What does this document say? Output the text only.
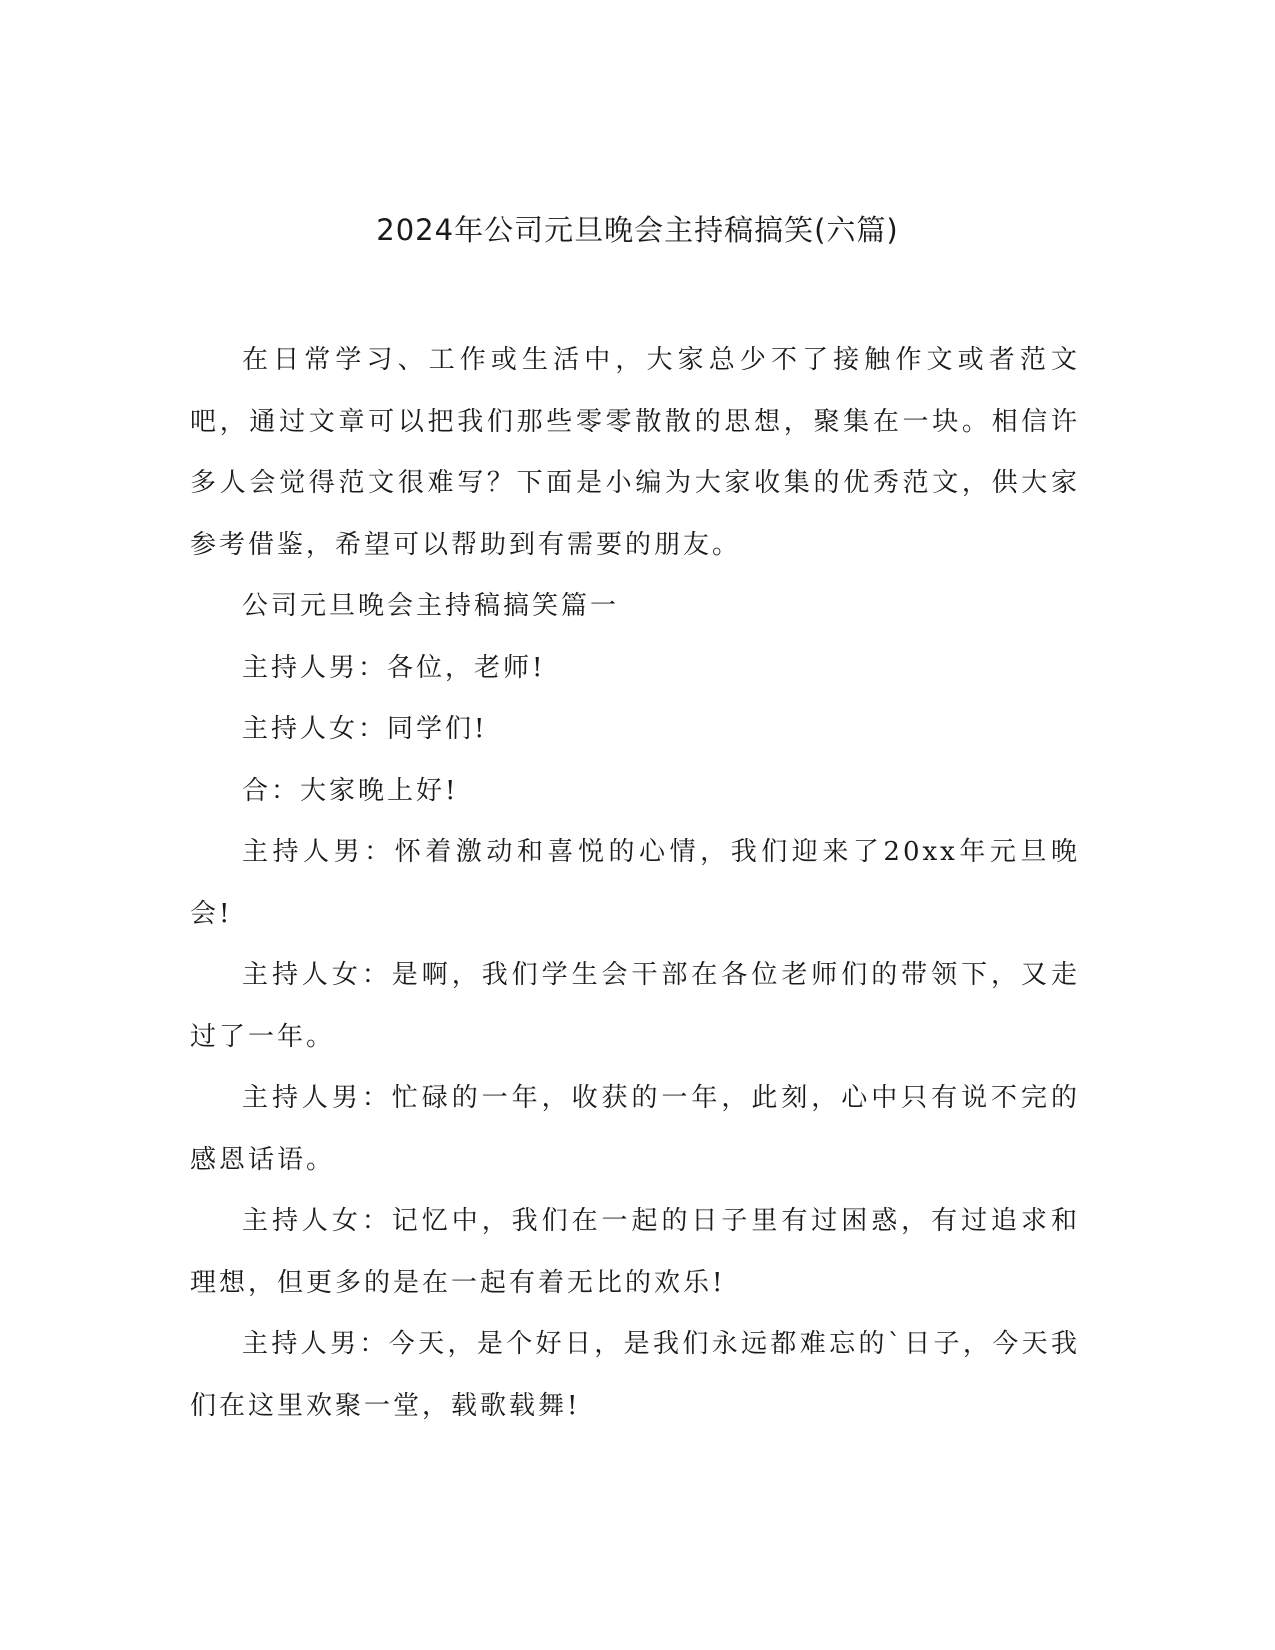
2024年公司元旦晚会主持稿搞笑(六篇)

在日常学习、工作或生活中，大家总少不了接触作文或者范文吧，通过文章可以把我们那些零零散散的思想，聚集在一块。相信许多人会觉得范文很难写？下面是小编为大家收集的优秀范文，供大家参考借鉴，希望可以帮助到有需要的朋友。

公司元旦晚会主持稿搞笑篇一

主持人男：各位，老师!

主持人女：同学们!

合：大家晚上好!

主持人男：怀着激动和喜悦的心情，我们迎来了20xx年元旦晚会!

主持人女：是啊，我们学生会干部在各位老师们的带领下，又走过了一年。

主持人男：忙碌的一年，收获的一年，此刻，心中只有说不完的感恩话语。

主持人女：记忆中，我们在一起的日子里有过困惑，有过追求和理想，但更多的是在一起有着无比的欢乐!

主持人男：今天，是个好日，是我们永远都难忘的`日子，今天我们在这里欢聚一堂，载歌载舞!
